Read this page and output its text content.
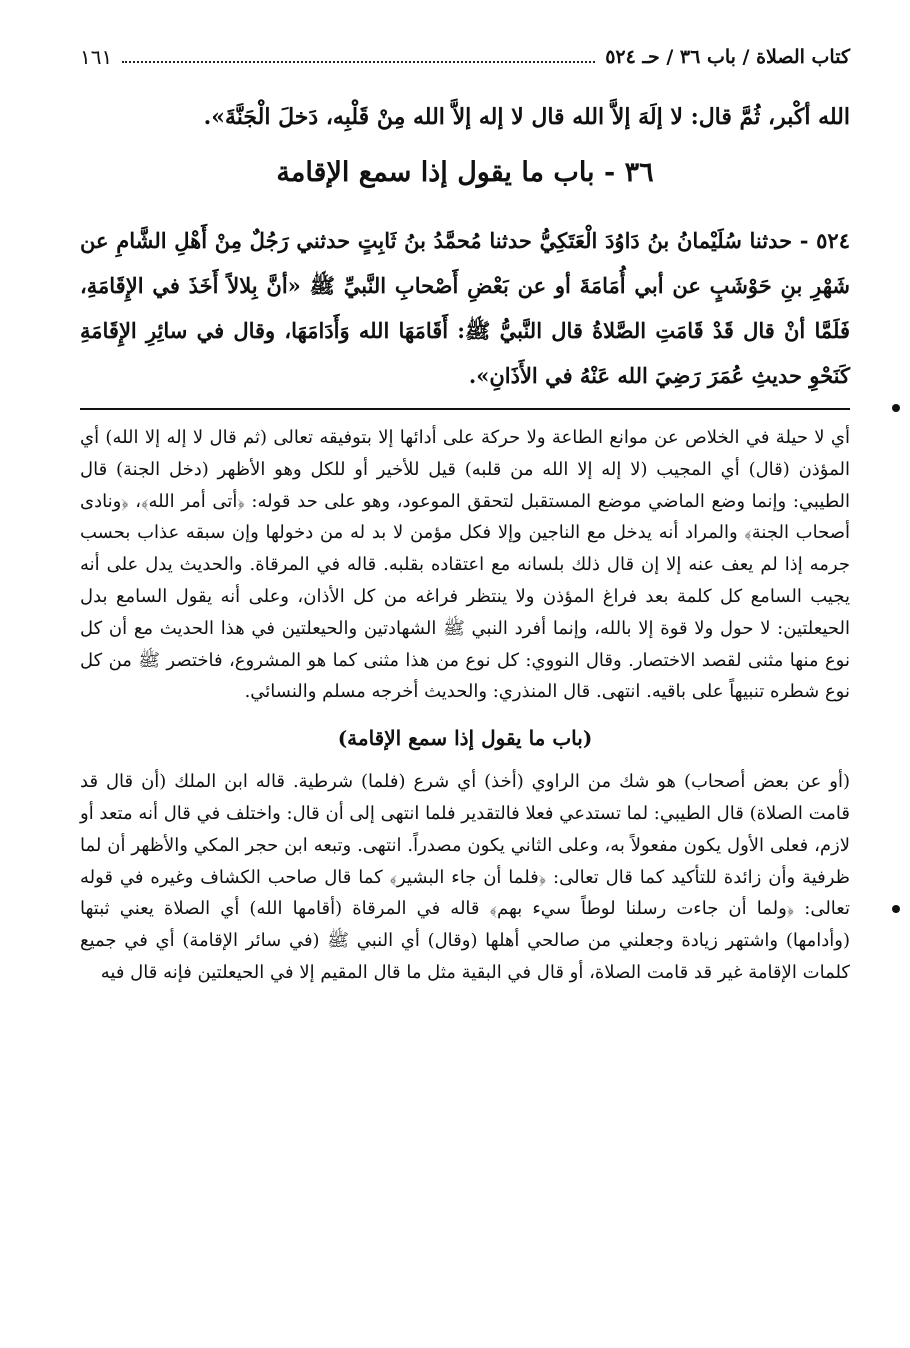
كتاب الصلاة / باب ٣٦ / حـ ٥٢٤
١٦١
الله أكْبر، ثُمَّ قال: لا إلَهَ إلاَّ الله قال لا إله إلاَّ الله مِنْ قَلْبِه، دَخلَ الْجَنَّةَ».
٣٦ - باب ما يقول إذا سمع الإقامة

٥٢٤ - حدثنا سُلَيْمانُ بنُ دَاوُدَ الْعَتَكِيُّ حدثنا مُحمَّدُ بنُ ثَابِتٍ حدثني رَجُلٌ مِنْ أَهْلِ الشَّامِ عن شَهْرِ بنِ حَوْشَبٍ عن أبي أُمَامَةَ أو عن بَعْضِ أَصْحابِ النَّبيِّ ﷺ «أنَّ بِلالاً أَخَذَ في الإِقَامَةِ، فَلَمَّا أنْ قال قَدْ قَامَتِ الصَّلاةُ قال النَّبيُّ ﷺ: أَقَامَهَا الله وَأَدَامَهَا، وقال في سائِرِ الإِقَامَةِ كَنَحْوِ حديثِ عُمَرَ رَضِيَ الله عَنْهُ في الأَذَانِ».

أي لا حيلة في الخلاص عن موانع الطاعة ولا حركة على أدائها إلا بتوفيقه تعالى (ثم قال لا إله إلا الله) أي المؤذن (قال) أي المجيب (لا إله إلا الله من قلبه) قيل للأخير أو للكل وهو الأظهر (دخل الجنة) قال الطيبي: وإنما وضع الماضي موضع المستقبل لتحقق الموعود، وهو على حد قوله: ﴿أتى أمر الله﴾، ﴿ونادى أصحاب الجنة﴾ والمراد أنه يدخل مع الناجين وإلا فكل مؤمن لا بد له من دخولها وإن سبقه عذاب بحسب جرمه إذا لم يعف عنه إلا إن قال ذلك بلسانه مع اعتقاده بقلبه. قاله في المرقاة. والحديث يدل على أنه يجيب السامع كل كلمة بعد فراغ المؤذن ولا ينتظر فراغه من كل الأذان، وعلى أنه يقول السامع بدل الحيعلتين: لا حول ولا قوة إلا بالله، وإنما أفرد النبي ﷺ الشهادتين والحيعلتين في هذا الحديث مع أن كل نوع منها مثنى لقصد الاختصار. وقال النووي: كل نوع من هذا مثنى كما هو المشروع، فاختصر ﷺ من كل نوع شطره تنبيهاً على باقيه. انتهى. قال المنذري: والحديث أخرجه مسلم والنسائي.

(باب ما يقول إذا سمع الإقامة)

(أو عن بعض أصحاب) هو شك من الراوي (أخذ) أي شرع (فلما) شرطية. قاله ابن الملك (أن قال قد قامت الصلاة) قال الطيبي: لما تستدعي فعلا فالتقدير فلما انتهى إلى أن قال: واختلف في قال أنه متعد أو لازم، فعلى الأول يكون مفعولاً به، وعلى الثاني يكون مصدراً. انتهى. وتبعه ابن حجر المكي والأظهر أن لما ظرفية وأن زائدة للتأكيد كما قال تعالى: ﴿فلما أن جاء البشير﴾ كما قال صاحب الكشاف وغيره في قوله تعالى: ﴿ولما أن جاءت رسلنا لوطاً سيء بهم﴾ قاله في المرقاة (أقامها الله) أي الصلاة يعني ثبتها (وأدامها) واشتهر زيادة وجعلني من صالحي أهلها (وقال) أي النبي ﷺ (في سائر الإقامة) أي في جميع كلمات الإقامة غير قد قامت الصلاة، أو قال في البقية مثل ما قال المقيم إلا في الحيعلتين فإنه قال فيه
